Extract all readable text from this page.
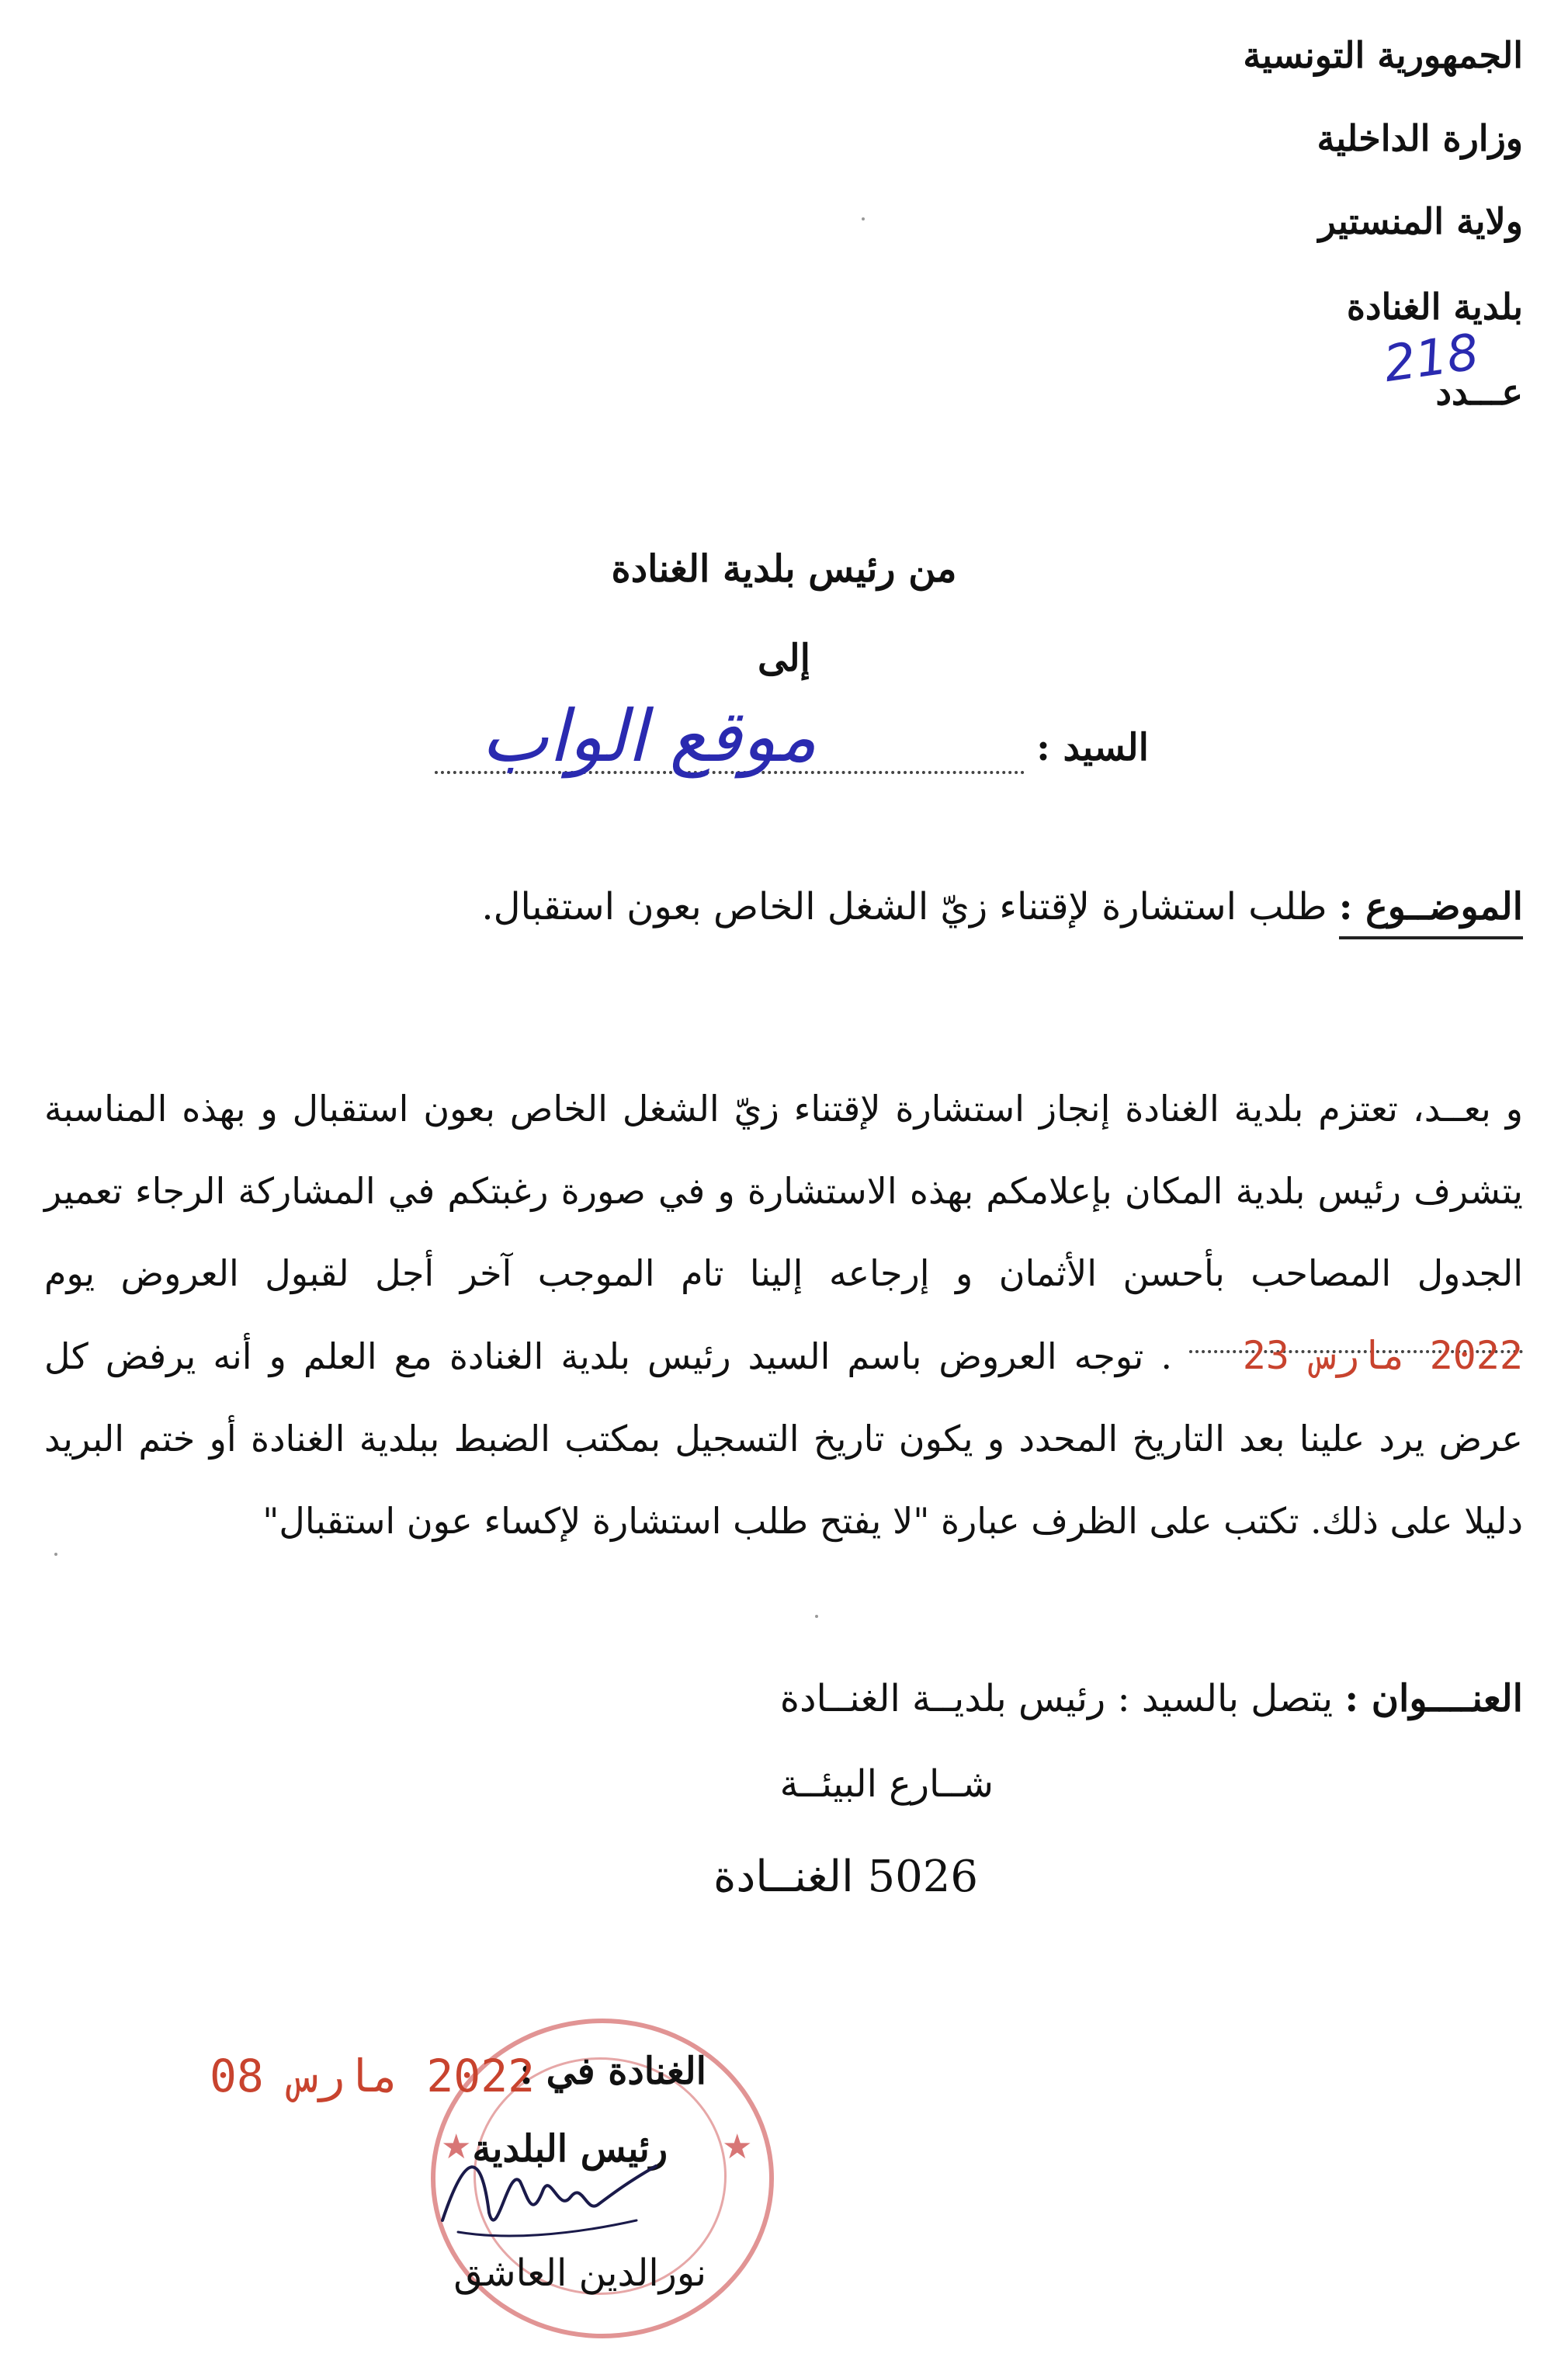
الجمهورية التونسية
وزارة الداخلية
ولاية المنستير
بلدية الغنادة
عـــدد
218
من رئيس بلدية الغنادة
إلى
السيد :
موقع الواب
الموضــوع : طلب استشارة لإقتناء زيّ الشغل الخاص بعون استقبال.
و بعــد، تعتزم بلدية الغنادة إنجاز استشارة لإقتناء زيّ الشغل الخاص بعون استقبال و بهذه المناسبة يتشرف رئيس بلدية المكان بإعلامكم بهذه الاستشارة و في صورة رغبتكم في المشاركة الرجاء تعمير الجدول المصاحب بأحسن الأثمان و إرجاعه إلينا تام الموجب آخر أجل لقبول العروض يوم 2022 مارس 23 . توجه العروض باسم السيد رئيس بلدية الغنادة مع العلم و أنه يرفض كل عرض يرد علينا بعد التاريخ المحدد و يكون تاريخ التسجيل بمكتب الضبط ببلدية الغنادة أو ختم البريد دليلا على ذلك. تكتب على الظرف عبارة "لا يفتح طلب استشارة لإكساء عون استقبال"
العنــــوان : يتصل بالسيد : رئيس بلديــة الغنــادة
شــارع البيئــة
5026 الغنــادة
★
★
الغنادة في :
2022 مارس 08
رئيس البلدية
نورالدين العاشق
